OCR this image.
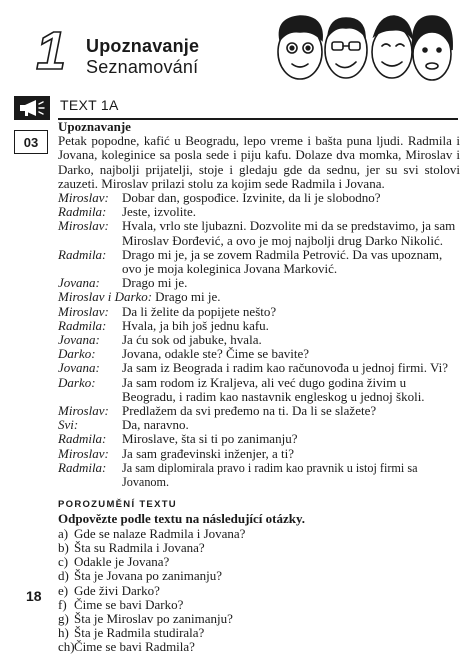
1 Upoznavanje
Seznamování
TEXT 1A
03
Upoznavanje
Petak popodne, kafić u Beogradu, lepo vreme i bašta puna ljudi. Radmila i Jovana, koleginice sa posla sede i piju kafu. Dolaze dva momka, Miroslav i Darko, najbolji prijatelji, stoje i gledaju gde da sednu, jer su svi stolovi zauzeti. Miroslav prilazi stolu za kojim sede Radmila i Jovana.
Miroslav:	Dobar dan, gospođice. Izvinite, da li je slobodno?
Radmila:	Jeste, izvolite.
Miroslav:	Hvala, vrlo ste ljubazni. Dozvolite mi da se predstavimo, ja sam Miroslav Đorđević, a ovo je moj najbolji drug Darko Nikolić.
Radmila:	Drago mi je, ja se zovem Radmila Petrović. Da vas upoznam, ovo je moja koleginica Jovana Marković.
Jovana:	Drago mi je.
Miroslav i Darko: Drago mi je.
Miroslav:	Da li želite da popijete nešto?
Radmila:	Hvala, ja bih još jednu kafu.
Jovana:	Ja ću sok od jabuke, hvala.
Darko:	Jovana, odakle ste? Čime se bavite?
Jovana:	Ja sam iz Beograda i radim kao računovođa u jednoj firmi. Vi?
Darko:	Ja sam rodom iz Kraljeva, ali već dugo godina živim u Beogradu, i radim kao nastavnik engleskog u jednoj školi.
Miroslav:	Predlažem da svi pređemo na ti. Da li se slažete?
Svi:	Da, naravno.
Radmila:	Miroslave, šta si ti po zanimanju?
Miroslav:	Ja sam građevinski inženjer, a ti?
Radmila:	Ja sam diplomirala pravo i radim kao pravnik u istoj firmi sa Jovanom.
POROZUMĚNÍ TEXTU
Odpovězte podle textu na následující otázky.
a) Gde se nalaze Radmila i Jovana?
b) Šta su Radmila i Jovana?
c) Odakle je Jovana?
d) Šta je Jovana po zanimanju?
e) Gde živi Darko?
f) Čime se bavi Darko?
g) Šta je Miroslav po zanimanju?
h) Šta je Radmila studirala?
ch) Čime se bavi Radmila?
18
